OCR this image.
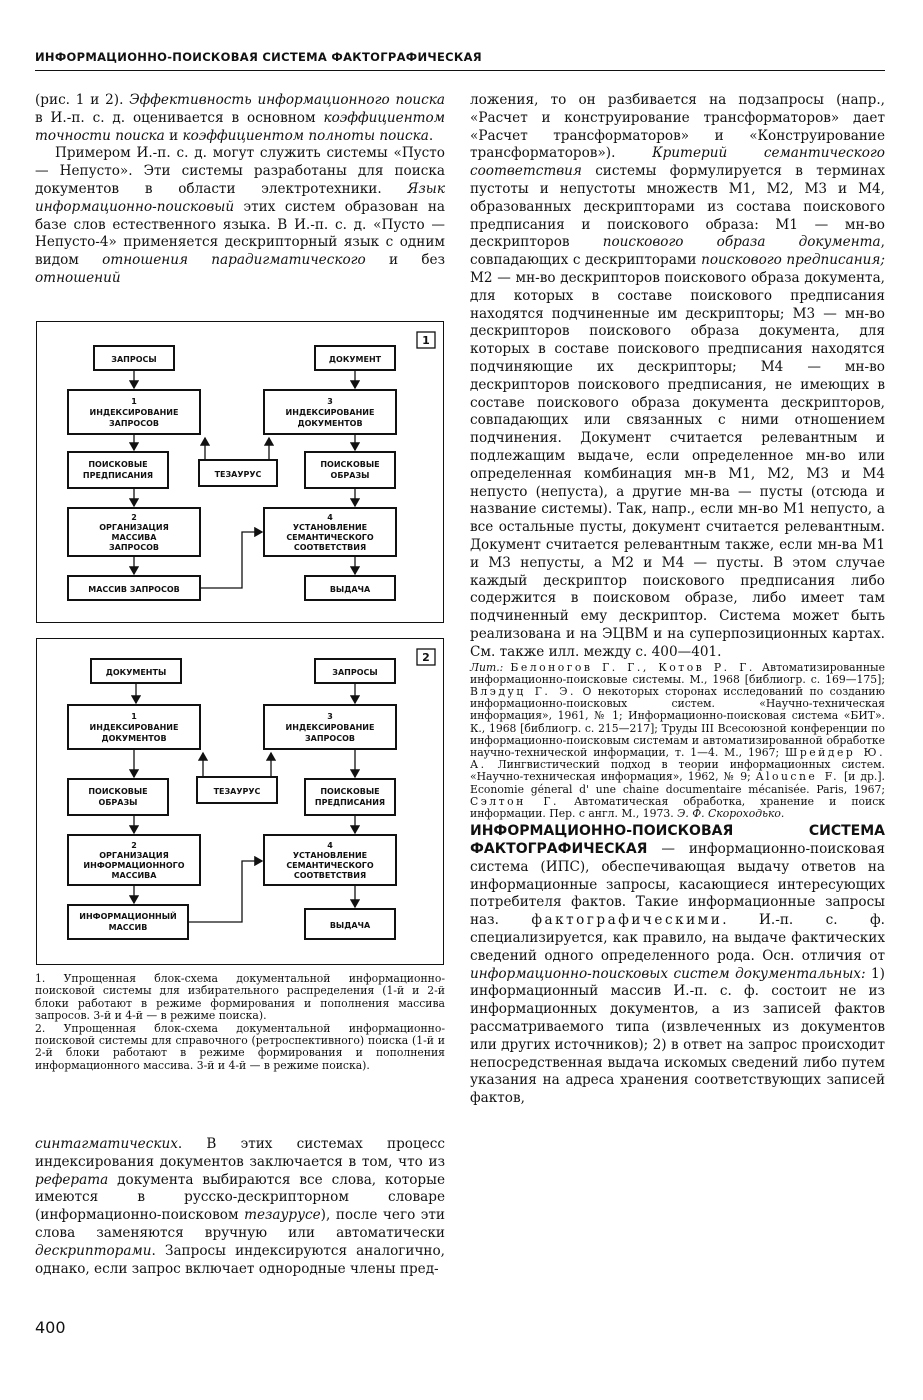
ИНФОРМАЦИОННО-ПОИСКОВАЯ СИСТЕМА ФАКТОГРАФИЧЕСКАЯ

(рис. 1 и 2). Эффективность информационного поиска в И.-п. с. д. оценивается в основном коэффициентом точности поиска и коэффициентом полноты поиска.

Примером И.-п. с. д. могут служить системы «Пусто — Непусто». Эти системы разработаны для поиска документов в области электротехники. Язык информационно-поисковый этих систем образован на базе слов естественного языка. В И.-п. с. д. «Пусто — Непусто-4» применяется дескрипторный язык с одним видом отношения парадигматического и без отношений

1
ЗАПРОСЫ	ДОКУМЕНТ
1
ИНДЕКСИРОВАНИЕ
ЗАПРОСОВ
3
ИНДЕКСИРОВАНИЕ
ДОКУМЕНТОВ
ПОИСКОВЫЕ
ПРЕДПИСАНИЯ	ТЕЗАУРУС
ПОИСКОВЫЕ
ОБРАЗЫ
2
ОРГАНИЗАЦИЯ
МАССИВА
ЗАПРОСОВ
4
УСТАНОВЛЕНИЕ
СЕМАНТИЧЕСКОГО
СООТВЕТСТВИЯ
МАССИВ ЗАПРОСОВ	ВЫДАЧА
2
ДОКУМЕНТЫ	ЗАПРОСЫ
1
ИНДЕКСИРОВАНИЕ
ДОКУМЕНТОВ
3
ИНДЕКСИРОВАНИЕ
ЗАПРОСОВ
ПОИСКОВЫЕ
ОБРАЗЫ
ТЕЗАУРУС	ПОИСКОВЫЕ
ПРЕДПИСАНИЯ
2
ОРГАНИЗАЦИЯ
ИНФОРМАЦИОННОГО
МАССИВА
4
УСТАНОВЛЕНИЕ
СЕМАНТИЧЕСКОГО
СООТВЕТСТВИЯ
ИНФОРМАЦИОННЫЙ
МАССИВ	ВЫДАЧА

1. Упрощенная блок-схема документальной информационно-поисковой системы для избирательного распределения (1-й и 2-й блоки работают в режиме формирования и пополнения массива запросов. 3-й и 4-й — в режиме поиска).

2. Упрощенная блок-схема документальной информационно-поисковой системы для справочного (ретроспективного) поиска (1-й и 2-й блоки работают в режиме формирования и пополнения информационного массива. 3-й и 4-й — в режиме поиска).

синтагматических. В этих системах процесс индексирования документов заключается в том, что из реферата документа выбираются все слова, которые имеются в русско-дескрипторном словаре (информационно-поисковом тезаурусе), после чего эти слова заменяются вручную или автоматически дескрипторами. Запросы индексируются аналогично, однако, если запрос включает однородные члены пред-

400

ложения, то он разбивается на подзапросы (напр., «Расчет и конструирование трансформаторов» дает «Расчет трансформаторов» и «Конструирование трансформаторов»). Критерий семантического соответствия системы формулируется в терминах пустоты и непустоты множеств М1, М2, М3 и М4, образованных дескрипторами из состава поискового предписания и поискового образа: М1 — мн-во дескрипторов поискового образа документа, совпадающих с дескрипторами поискового предписания; М2 — мн-во дескрипторов поискового образа документа, для которых в составе поискового предписания находятся подчиненные им дескрипторы; М3 — мн-во дескрипторов поискового образа документа, для которых в составе поискового предписания находятся подчиняющие их дескрипторы; М4 — мн-во дескрипторов поискового предписания, не имеющих в составе поискового образа документа дескрипторов, совпадающих или связанных с ними отношением подчинения. Документ считается релевантным и подлежащим выдаче, если определенное мн-во или определенная комбинация мн-в М1, М2, М3 и М4 непусто (непуста), а другие мн-ва — пусты (отсюда и название системы). Так, напр., если мн-во М1 непусто, а все остальные пусты, документ считается релевантным. Документ считается релевантным также, если мн-ва М1 и М3 непусты, а М2 и М4 — пусты. В этом случае каждый дескриптор поискового предписания либо содержится в поисковом образе, либо имеет там подчиненный ему дескриптор. Система может быть реализована и на ЭЦВМ и на суперпозиционных картах. См. также илл. между с. 400—401.

Лит.: Белоногов Г. Г., Котов Р. Г. Автоматизированные информационно-поисковые системы. М., 1968 [библиогр. с. 169—175]; Влэдуц Г. Э. О некоторых сторонах исследований по созданию информационно-поисковых систем. «Научно-техническая информация», 1961, № 1; Информационно-поисковая система «БИТ». К., 1968 [библиогр. с. 215—217]; Труды III Всесоюзной конференции по информационно-поисковым системам и автоматизированной обработке научно-технической информации, т. 1—4. М., 1967; Шрейдер Ю. А. Лингвистический подход в теории информационных систем. «Научно-техническая информация», 1962, № 9; Aloucne F. [и др.]. Economie géneral d' une chaine documentaire mécanisée. Paris, 1967; Сэлтон Г. Автоматическая обработка, хранение и поиск информации. Пер. с англ. М., 1973. Э. Ф. Скороходько.

ИНФОРМАЦИОННО-ПОИСКОВАЯ СИСТЕМА ФАКТОГРАФИЧЕСКАЯ — информационно-поисковая система (ИПС), обеспечивающая выдачу ответов на информационные запросы, касающиеся интересующих потребителя фактов. Такие информационные запросы наз. фактографическими. И.-п. с. ф. специализируется, как правило, на выдаче фактических сведений одного определенного рода. Осн. отличия от информационно-поисковых систем документальных: 1) информационный массив И.-п. с. ф. состоит не из информационных документов, а из записей фактов рассматриваемого типа (извлеченных из документов или других источников); 2) в ответ на запрос происходит непосредственная выдача искомых сведений либо путем указания на адреса хранения соответствующих записей фактов,
